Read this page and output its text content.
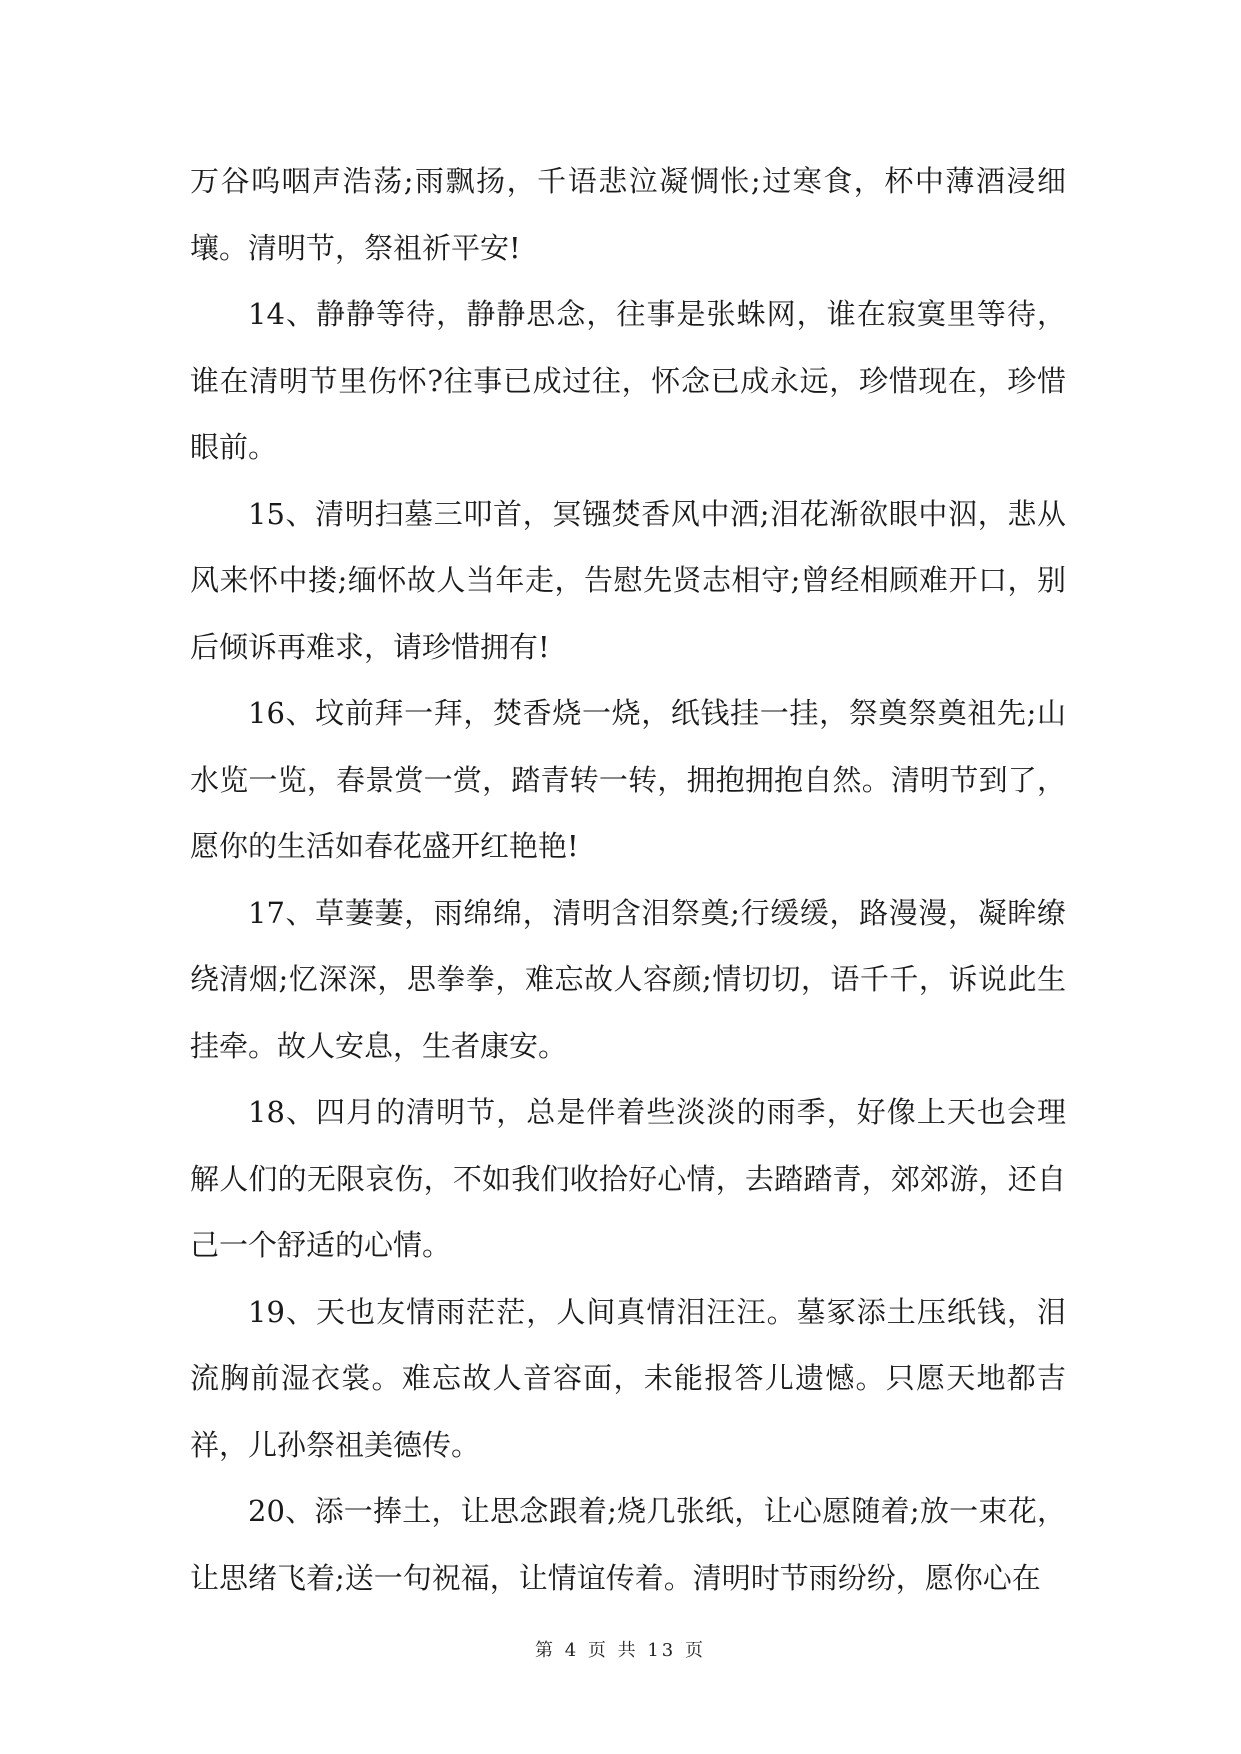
万谷呜咽声浩荡;雨飘扬，千语悲泣凝惆怅;过寒食，杯中薄酒浸细壤。清明节，祭祖祈平安!

14、静静等待，静静思念，往事是张蛛网，谁在寂寞里等待，谁在清明节里伤怀?往事已成过往，怀念已成永远，珍惜现在，珍惜眼前。

15、清明扫墓三叩首，冥镪焚香风中洒;泪花渐欲眼中泅，悲从风来怀中搂;缅怀故人当年走，告慰先贤志相守;曾经相顾难开口，别后倾诉再难求，请珍惜拥有!

16、坟前拜一拜，焚香烧一烧，纸钱挂一挂，祭奠祭奠祖先;山水览一览，春景赏一赏，踏青转一转，拥抱拥抱自然。清明节到了，愿你的生活如春花盛开红艳艳!

17、草萋萋，雨绵绵，清明含泪祭奠;行缓缓，路漫漫，凝眸缭绕清烟;忆深深，思拳拳，难忘故人容颜;情切切，语千千，诉说此生挂牵。故人安息，生者康安。

18、四月的清明节，总是伴着些淡淡的雨季，好像上天也会理解人们的无限哀伤，不如我们收拾好心情，去踏踏青，郊郊游，还自己一个舒适的心情。

19、天也友情雨茫茫，人间真情泪汪汪。墓冢添土压纸钱，泪流胸前湿衣裳。难忘故人音容面，未能报答儿遗憾。只愿天地都吉祥，儿孙祭祖美德传。

20、添一捧土，让思念跟着;烧几张纸，让心愿随着;放一束花，让思绪飞着;送一句祝福，让情谊传着。清明时节雨纷纷，愿你心在

第 4 页 共 13 页
